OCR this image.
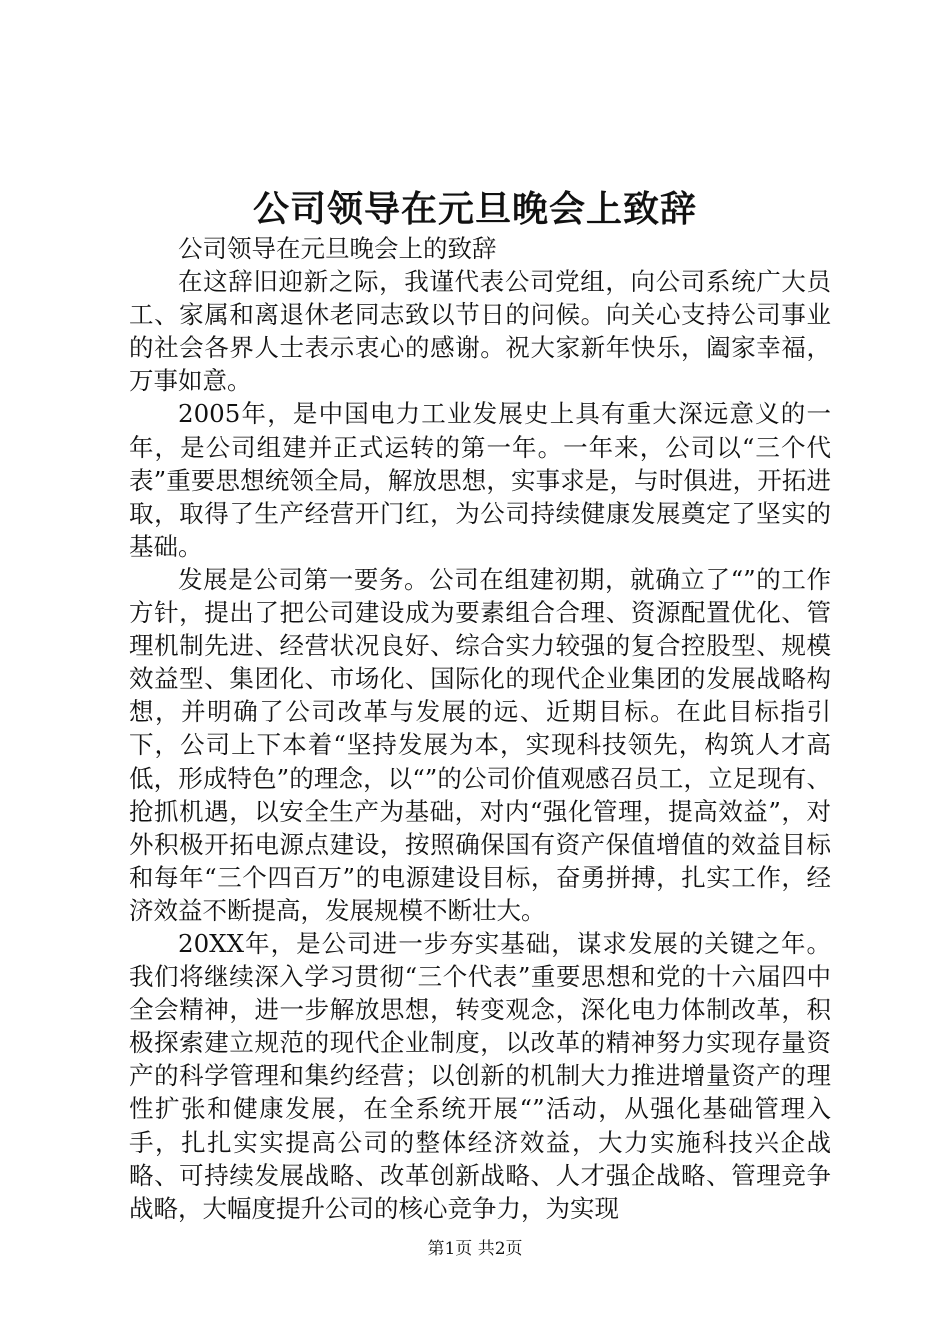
公司领导在元旦晚会上致辞

公司领导在元旦晚会上的致辞

在这辞旧迎新之际，我谨代表公司党组，向公司系统广大员工、家属和离退休老同志致以节日的问候。向关心支持公司事业的社会各界人士表示衷心的感谢。祝大家新年快乐，阖家幸福，万事如意。

2005年，是中国电力工业发展史上具有重大深远意义的一年，是公司组建并正式运转的第一年。一年来，公司以“三个代表”重要思想统领全局，解放思想，实事求是，与时俱进，开拓进取，取得了生产经营开门红，为公司持续健康发展奠定了坚实的基础。

发展是公司第一要务。公司在组建初期，就确立了“”的工作方针，提出了把公司建设成为要素组合合理、资源配置优化、管理机制先进、经营状况良好、综合实力较强的复合控股型、规模效益型、集团化、市场化、国际化的现代企业集团的发展战略构想，并明确了公司改革与发展的远、近期目标。在此目标指引下，公司上下本着“坚持发展为本，实现科技领先，构筑人才高低，形成特色”的理念，以“”的公司价值观感召员工，立足现有、抢抓机遇，以安全生产为基础，对内“强化管理，提高效益”，对外积极开拓电源点建设，按照确保国有资产保值增值的效益目标和每年“三个四百万”的电源建设目标，奋勇拼搏，扎实工作，经济效益不断提高，发展规模不断壮大。

20XX年，是公司进一步夯实基础，谋求发展的关键之年。我们将继续深入学习贯彻“三个代表”重要思想和党的十六届四中全会精神，进一步解放思想，转变观念，深化电力体制改革，积极探索建立规范的现代企业制度，以改革的精神努力实现存量资产的科学管理和集约经营；以创新的机制大力推进增量资产的理性扩张和健康发展，在全系统开展“”活动，从强化基础管理入手，扎扎实实提高公司的整体经济效益，大力实施科技兴企战略、可持续发展战略、改革创新战略、人才强企战略、管理竞争战略，大幅度提升公司的核心竞争力，为实现

第1页 共2页
